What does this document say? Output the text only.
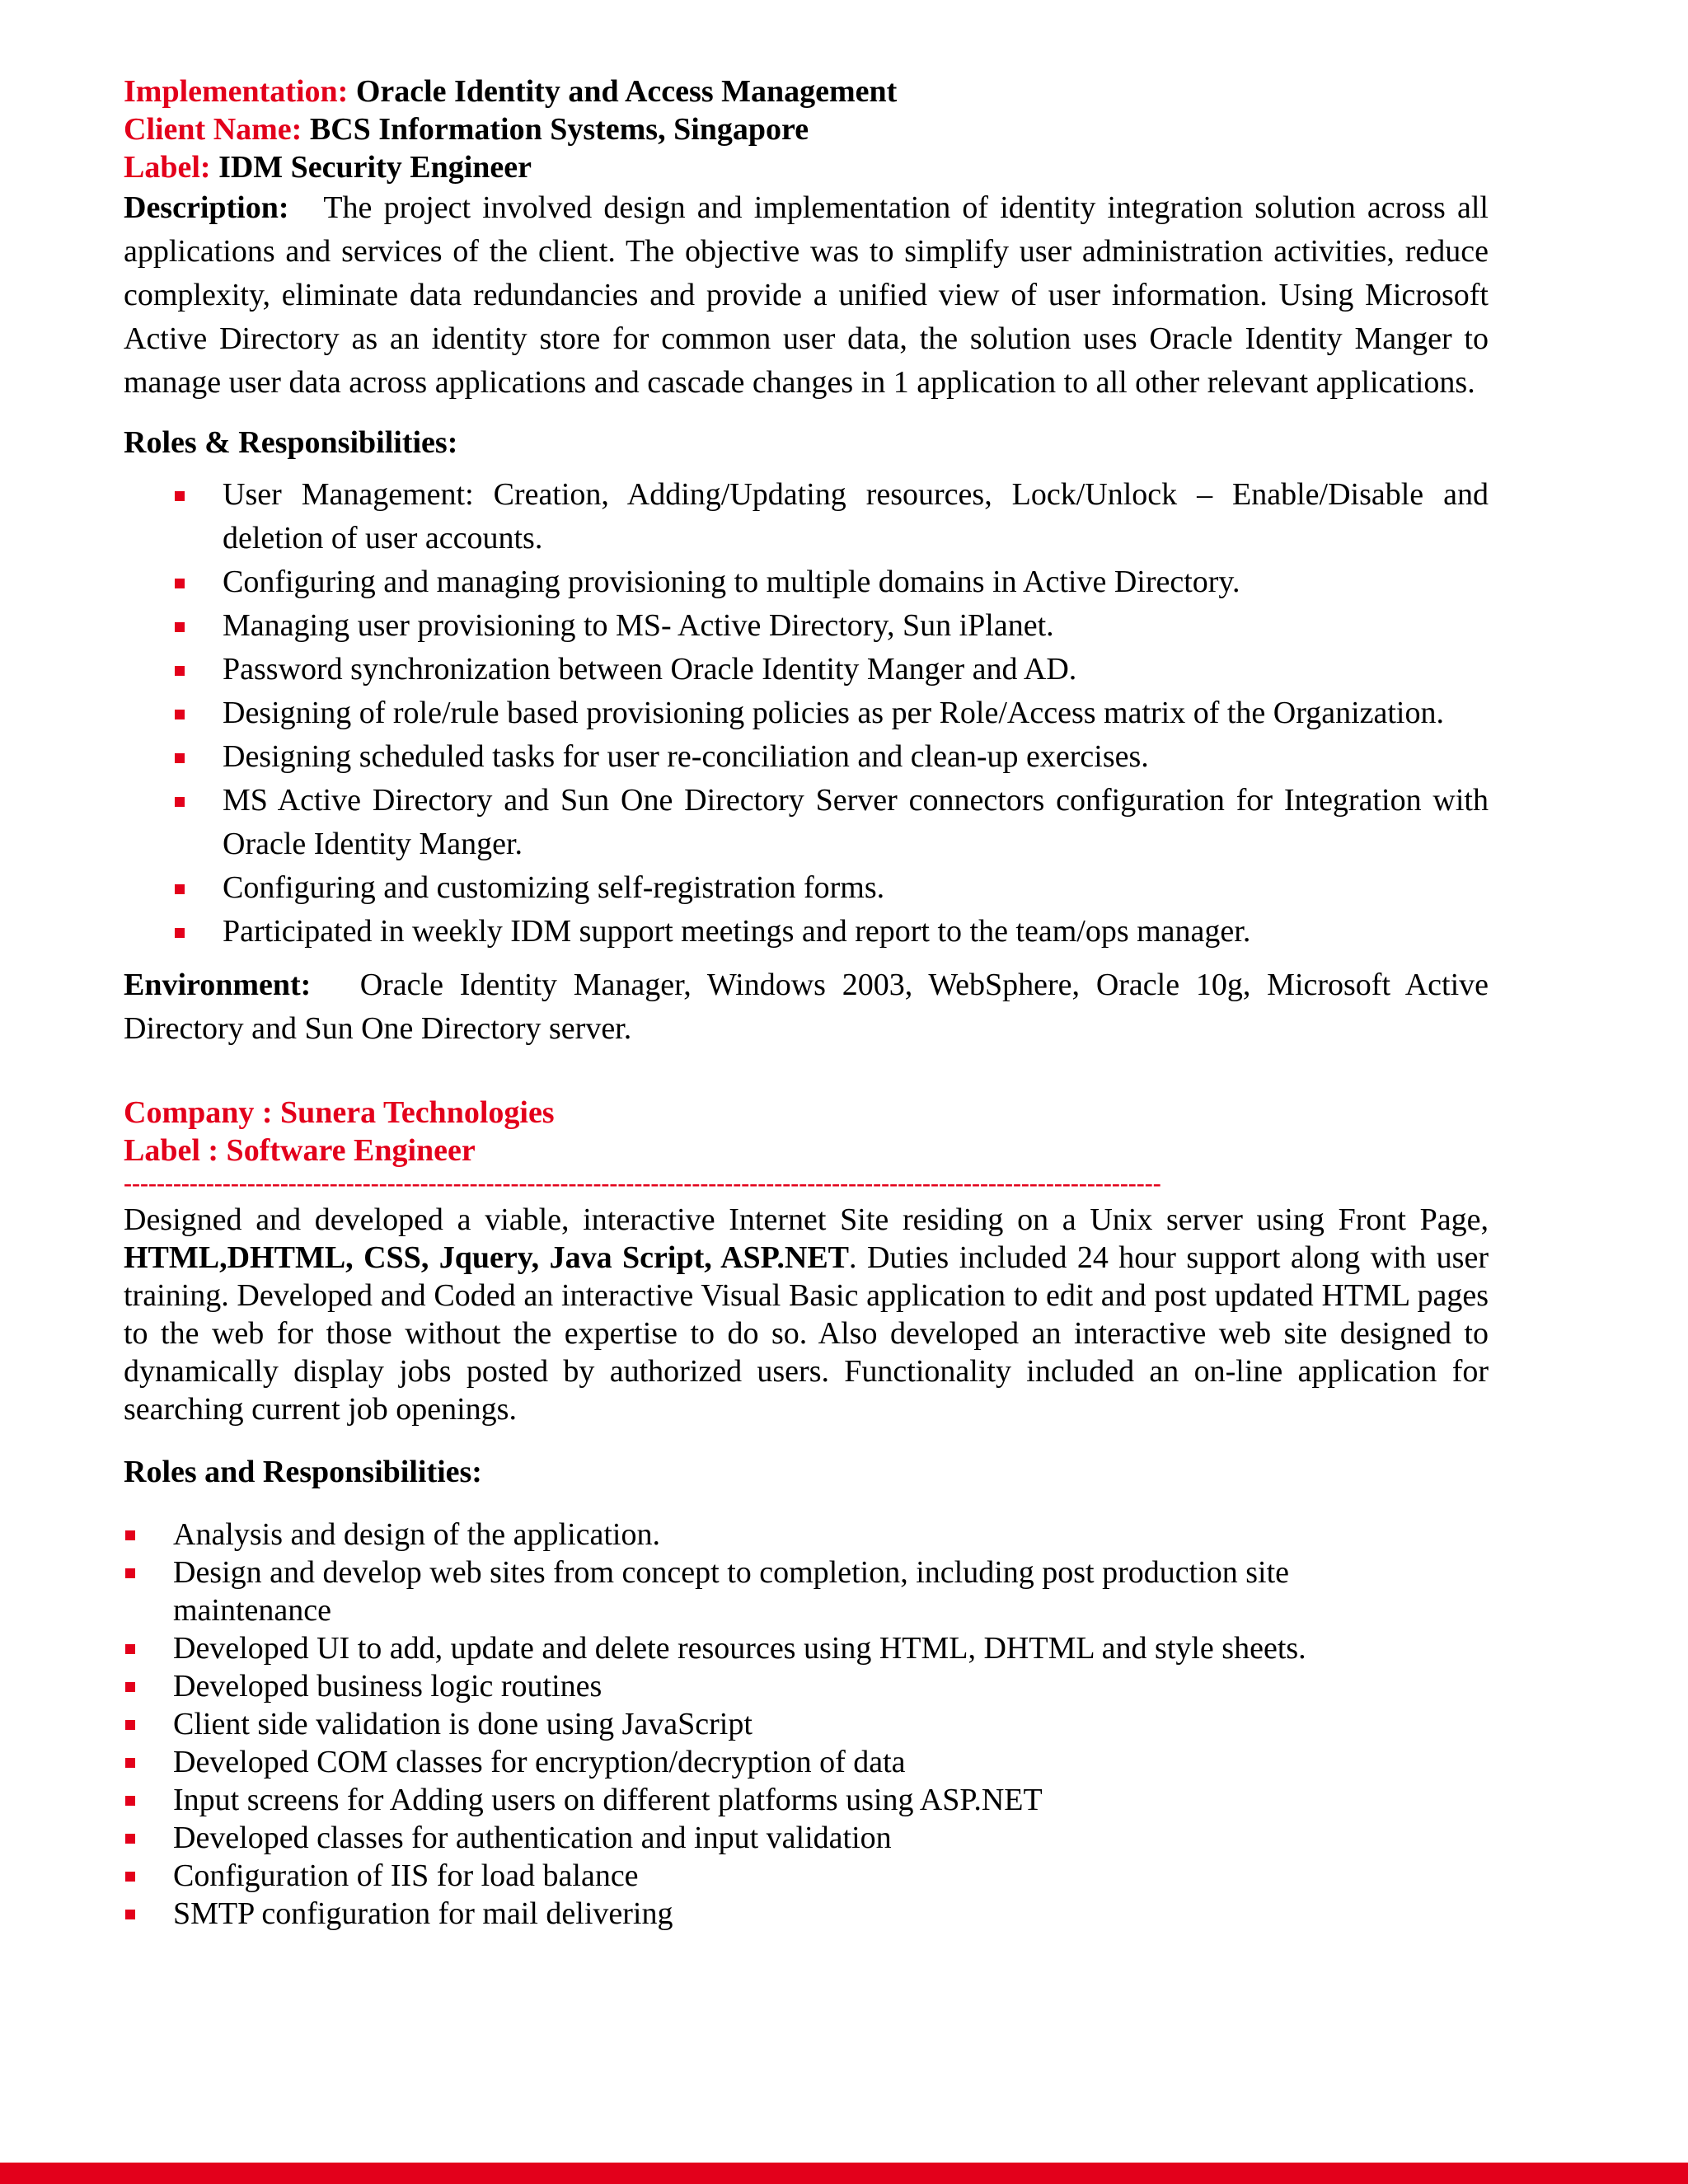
Implementation: Oracle Identity and Access Management
Client Name: BCS Information Systems, Singapore
Label: IDM Security Engineer
Description: The project involved design and implementation of identity integration solution across all applications and services of the client. The objective was to simplify user administration activities, reduce complexity, eliminate data redundancies and provide a unified view of user information. Using Microsoft Active Directory as an identity store for common user data, the solution uses Oracle Identity Manger to manage user data across applications and cascade changes in 1 application to all other relevant applications.
Roles & Responsibilities:
User Management: Creation, Adding/Updating resources, Lock/Unlock – Enable/Disable and deletion of user accounts.
Configuring and managing provisioning to multiple domains in Active Directory.
Managing user provisioning to MS- Active Directory, Sun iPlanet.
Password synchronization between Oracle Identity Manger and AD.
Designing of role/rule based provisioning policies as per Role/Access matrix of the Organization.
Designing scheduled tasks for user re-conciliation and clean-up exercises.
MS Active Directory and Sun One Directory Server connectors configuration for Integration with Oracle Identity Manger.
Configuring and customizing self-registration forms.
Participated in weekly IDM support meetings and report to the team/ops manager.
Environment: Oracle Identity Manager, Windows 2003, WebSphere, Oracle 10g, Microsoft Active Directory and Sun One Directory server.
Company : Sunera Technologies
Label : Software Engineer
------------------------------------------------------------------------------------------------------------------------------
Designed and developed a viable, interactive Internet Site residing on a Unix server using Front Page, HTML,DHTML, CSS, Jquery, Java Script, ASP.NET. Duties included 24 hour support along with user training. Developed and Coded an interactive Visual Basic application to edit and post updated HTML pages to the web for those without the expertise to do so. Also developed an interactive web site designed to dynamically display jobs posted by authorized users. Functionality included an on-line application for searching current job openings.
Roles and Responsibilities:
Analysis and design of the application.
Design and develop web sites from concept to completion, including post production site maintenance
Developed UI to add, update and delete resources using HTML, DHTML and style sheets.
Developed business logic routines
Client side validation is done using JavaScript
Developed COM classes for encryption/decryption of data
Input screens for Adding users on different platforms using ASP.NET
Developed classes for authentication and input validation
Configuration of IIS for load balance
SMTP configuration for mail delivering
